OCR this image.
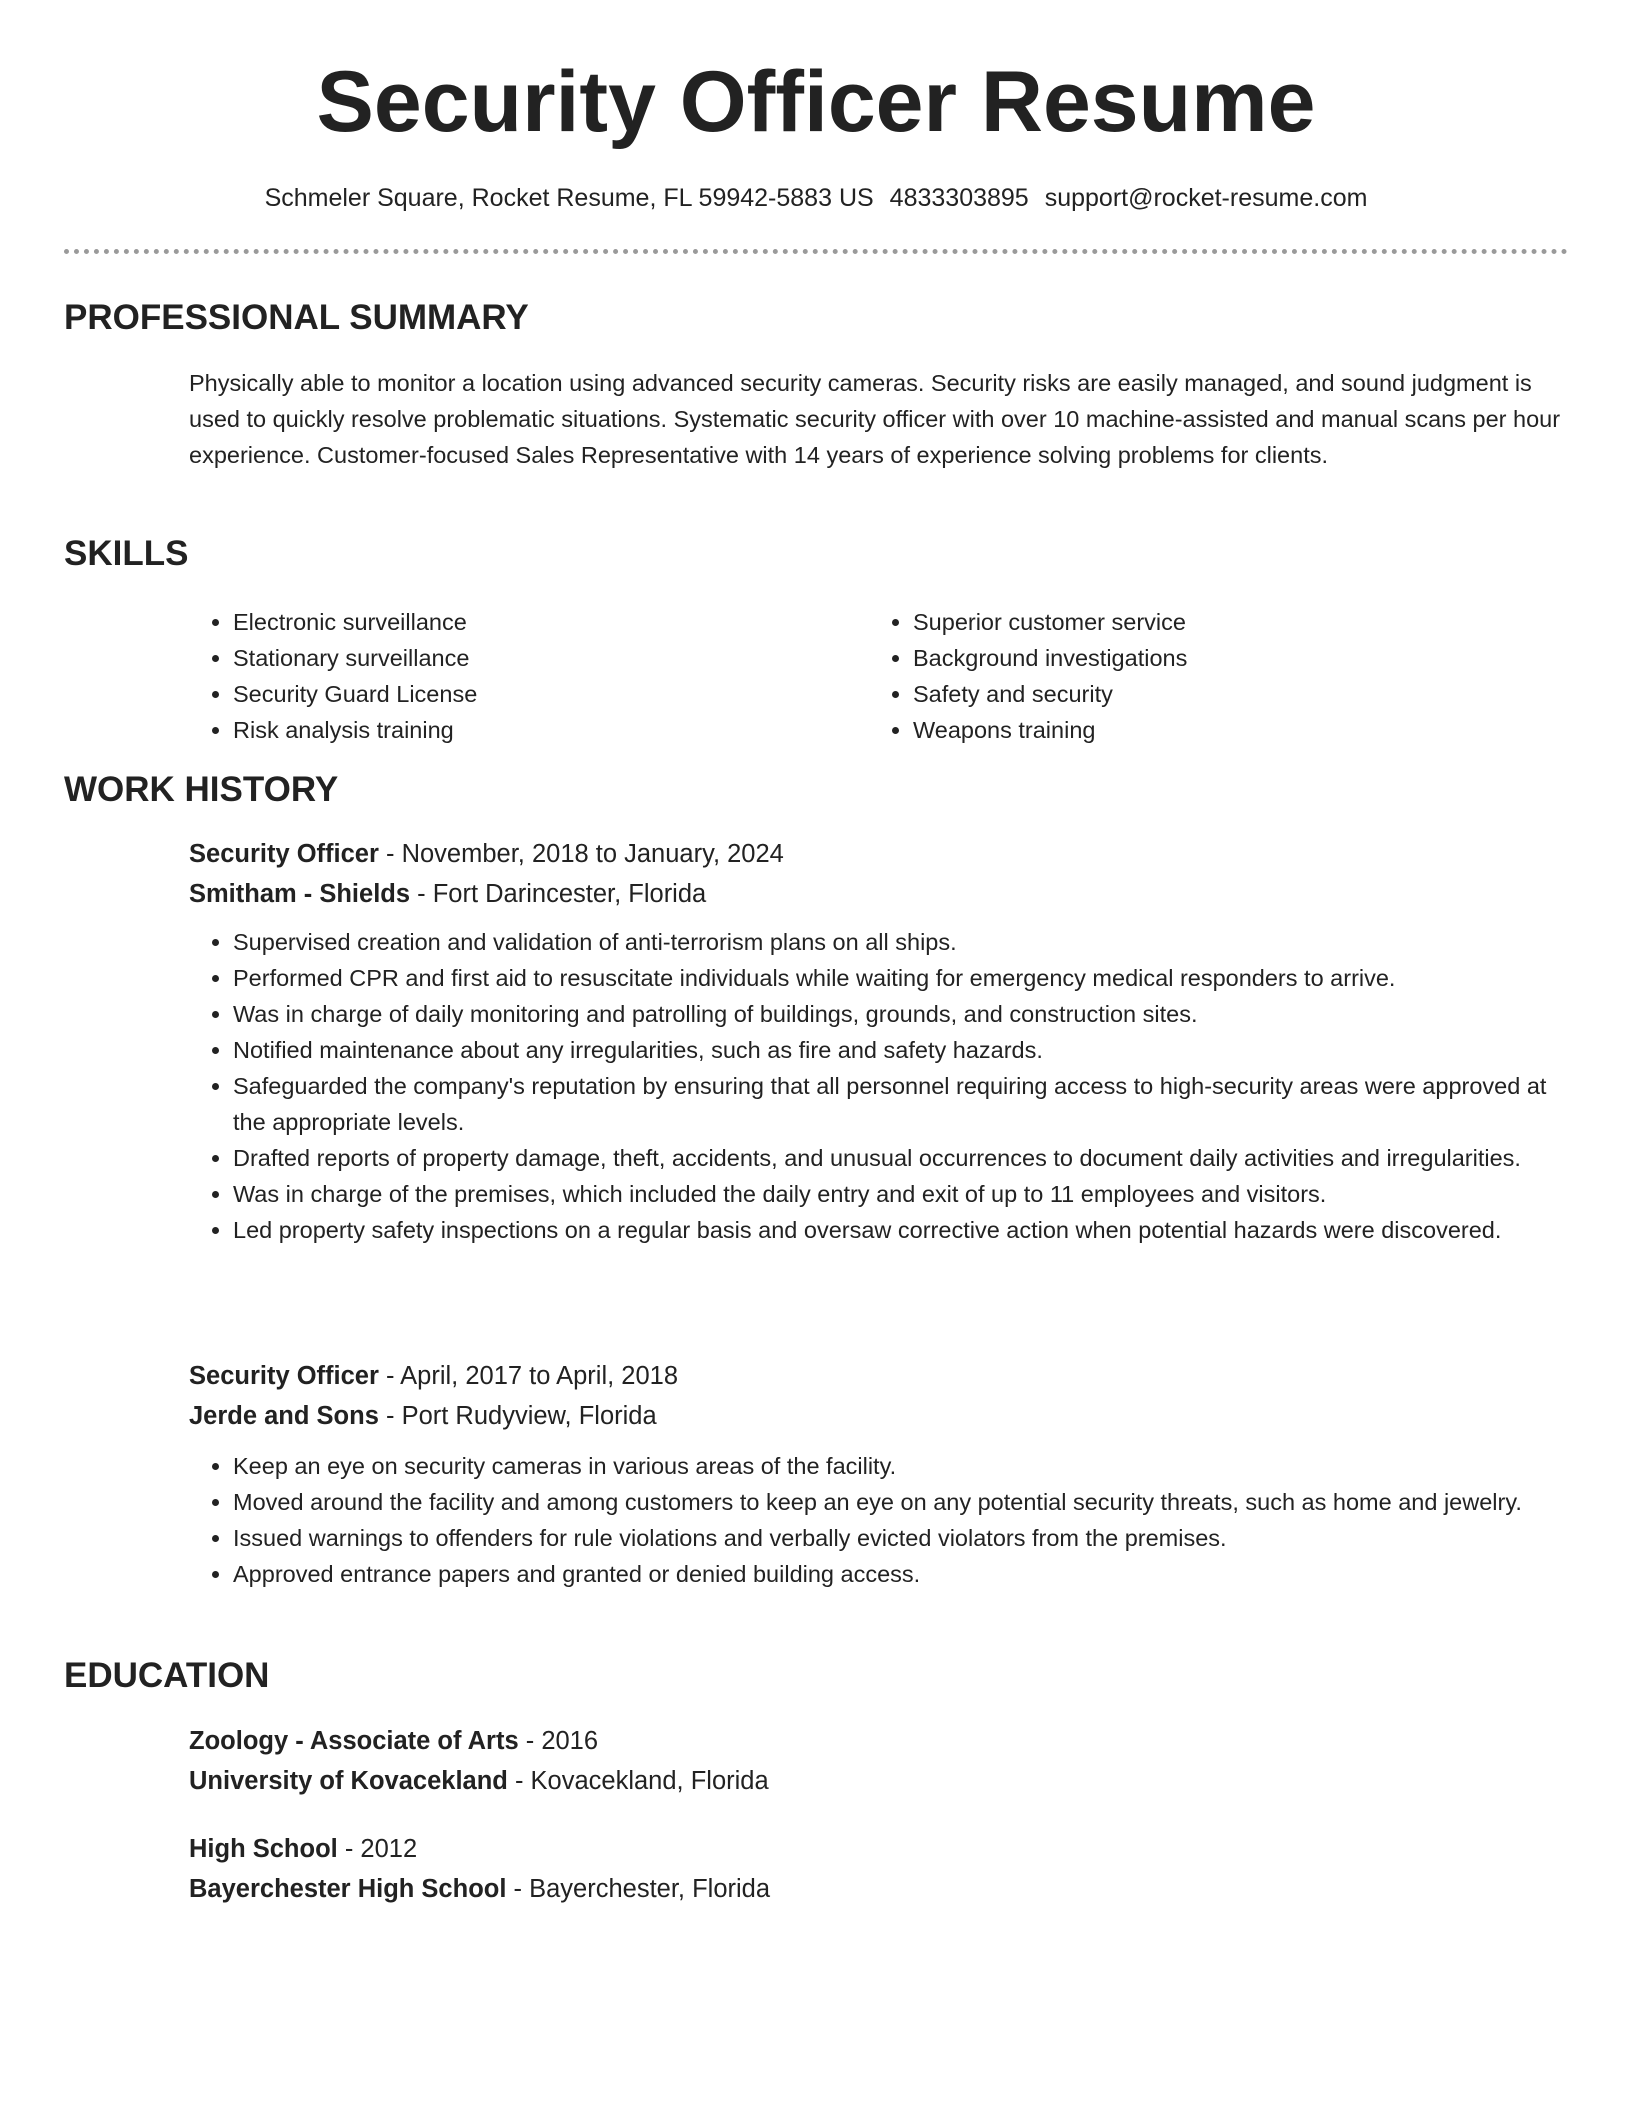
Security Officer Resume
Schmeler Square, Rocket Resume, FL 59942-5883 US 4833303895 support@rocket-resume.com
PROFESSIONAL SUMMARY
Physically able to monitor a location using advanced security cameras. Security risks are easily managed, and sound judgment is used to quickly resolve problematic situations. Systematic security officer with over 10 machine-assisted and manual scans per hour experience. Customer-focused Sales Representative with 14 years of experience solving problems for clients.
SKILLS
• Electronic surveillance
• Stationary surveillance
• Security Guard License
• Risk analysis training
• Superior customer service
• Background investigations
• Safety and security
• Weapons training
WORK HISTORY
Security Officer - November, 2018 to January, 2024
Smitham - Shields - Fort Darincester, Florida
• Supervised creation and validation of anti-terrorism plans on all ships.
• Performed CPR and first aid to resuscitate individuals while waiting for emergency medical responders to arrive.
• Was in charge of daily monitoring and patrolling of buildings, grounds, and construction sites.
• Notified maintenance about any irregularities, such as fire and safety hazards.
• Safeguarded the company's reputation by ensuring that all personnel requiring access to high-security areas were approved at the appropriate levels.
• Drafted reports of property damage, theft, accidents, and unusual occurrences to document daily activities and irregularities.
• Was in charge of the premises, which included the daily entry and exit of up to 11 employees and visitors.
• Led property safety inspections on a regular basis and oversaw corrective action when potential hazards were discovered.
Security Officer - April, 2017 to April, 2018
Jerde and Sons - Port Rudyview, Florida
• Keep an eye on security cameras in various areas of the facility.
• Moved around the facility and among customers to keep an eye on any potential security threats, such as home and jewelry.
• Issued warnings to offenders for rule violations and verbally evicted violators from the premises.
• Approved entrance papers and granted or denied building access.
EDUCATION
Zoology - Associate of Arts - 2016
University of Kovacekland - Kovacekland, Florida
High School - 2012
Bayerchester High School - Bayerchester, Florida
